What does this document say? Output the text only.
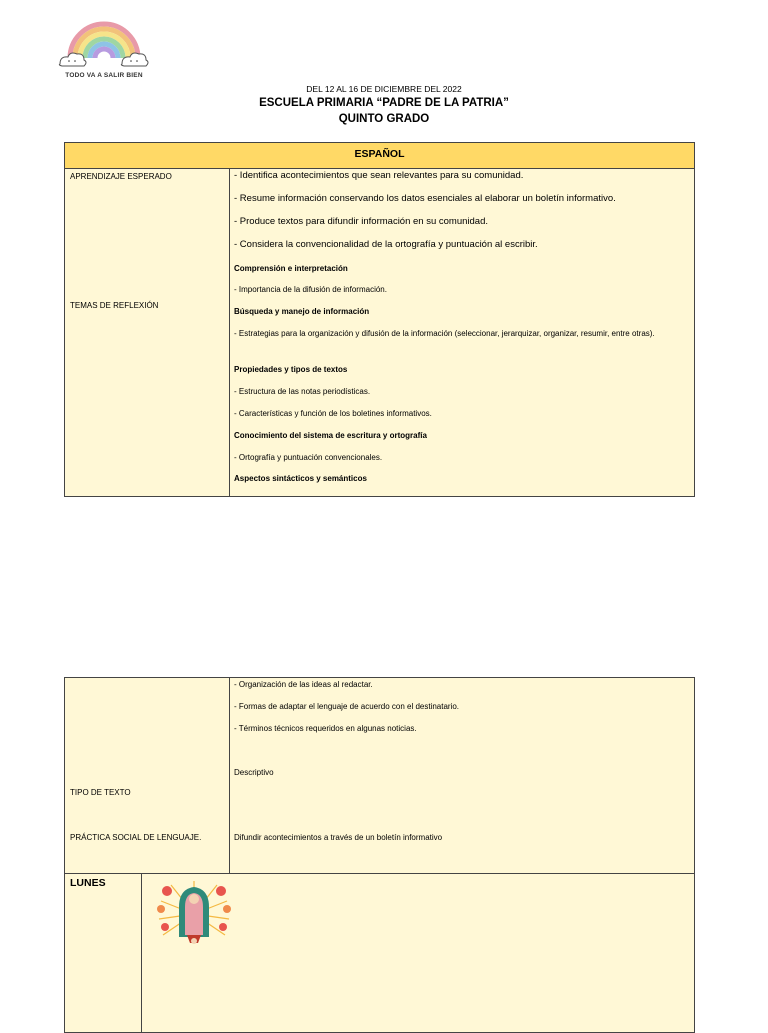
TODO VA A SALIR BIEN
DEL 12 AL 16 DE DICIEMBRE DEL 2022
ESCUELA PRIMARIA “PADRE DE LA PATRIA”
QUINTO GRADO
ESPAÑOL
APRENDIZAJE ESPERADO
TEMAS DE REFLEXIÓN
- Identifica acontecimientos que sean relevantes para su comunidad.
- Resume información conservando los datos esenciales al elaborar un boletín informativo.
- Produce textos para difundir información en su comunidad.
- Considera la convencionalidad de la ortografía y puntuación al escribir.
Comprensión e interpretación
- Importancia de la difusión de información.
Búsqueda y manejo de información
- Estrategias para la organización y difusión de la información (seleccionar, jerarquizar, organizar, resumir, entre otras).
Propiedades y tipos de textos
- Estructura de las notas periodísticas.
- Características y función de los boletines informativos.
Conocimiento del sistema de escritura y ortografía
- Ortografía y puntuación convencionales.
Aspectos sintácticos y semánticos
- Organización de las ideas al redactar.
- Formas de adaptar el lenguaje de acuerdo con el destinatario.
- Términos técnicos requeridos en algunas noticias.
Descriptivo
TIPO DE TEXTO
PRÁCTICA SOCIAL DE LENGUAJE.	Difundir acontecimientos a través de un boletín informativo
LUNES
